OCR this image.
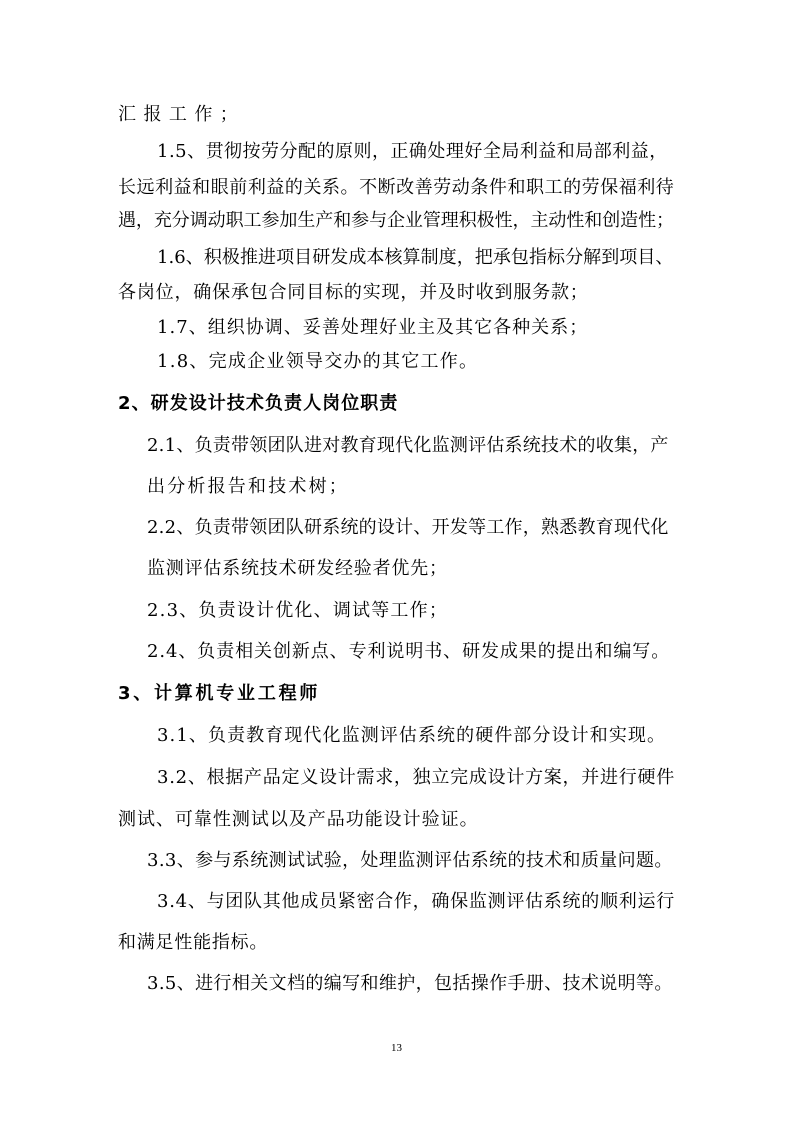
汇报工作；
1.5、贯彻按劳分配的原则，正确处理好全局利益和局部利益，
长远利益和眼前利益的关系。不断改善劳动条件和职工的劳保福利待
遇，充分调动职工参加生产和参与企业管理积极性，主动性和创造性；
1.6、积极推进项目研发成本核算制度，把承包指标分解到项目、
各岗位，确保承包合同目标的实现，并及时收到服务款；
1.7、组织协调、妥善处理好业主及其它各种关系；
1.8、完成企业领导交办的其它工作。
2、研发设计技术负责人岗位职责
2.1、负责带领团队进对教育现代化监测评估系统技术的收集，产
出分析报告和技术树；
2.2、负责带领团队研系统的设计、开发等工作，熟悉教育现代化
监测评估系统技术研发经验者优先；
2.3、负责设计优化、调试等工作；
2.4、负责相关创新点、专利说明书、研发成果的提出和编写。
3、计算机专业工程师
3.1、负责教育现代化监测评估系统的硬件部分设计和实现。
3.2、根据产品定义设计需求，独立完成设计方案，并进行硬件
测试、可靠性测试以及产品功能设计验证。
3.3、参与系统测试试验，处理监测评估系统的技术和质量问题。
3.4、与团队其他成员紧密合作，确保监测评估系统的顺利运行
和满足性能指标。
3.5、进行相关文档的编写和维护，包括操作手册、技术说明等。
13
